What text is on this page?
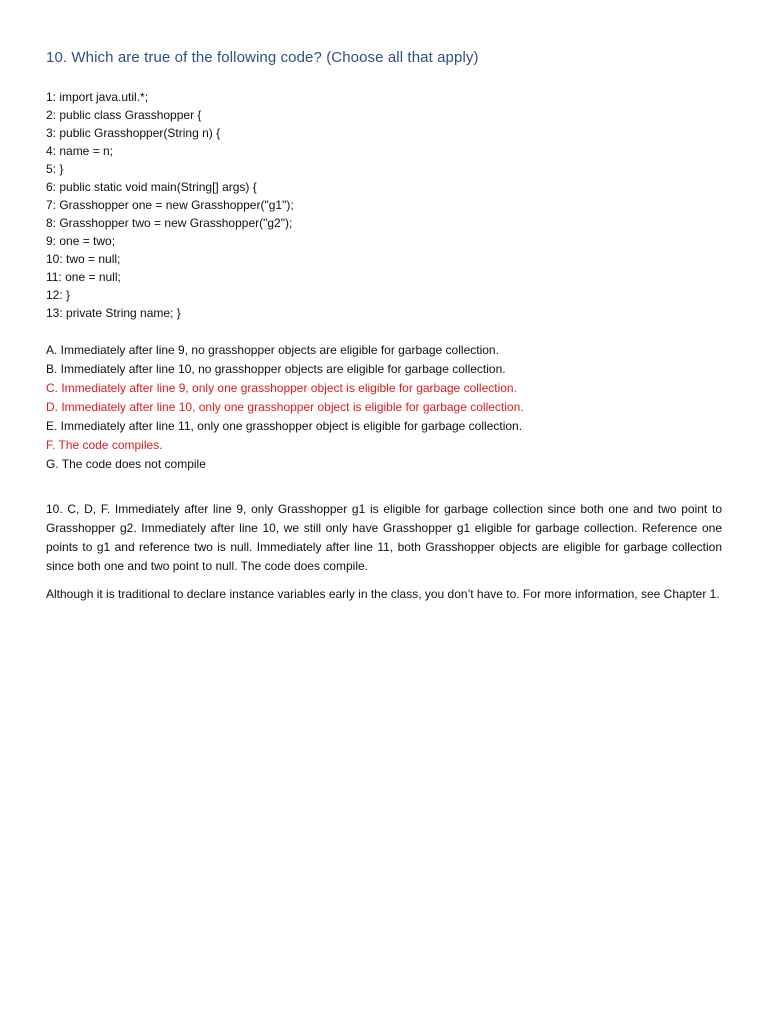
10. Which are true of the following code? (Choose all that apply)
1: import java.util.*;
2: public class Grasshopper {
3: public Grasshopper(String n) {
4: name = n;
5: }
6: public static void main(String[] args) {
7: Grasshopper one = new Grasshopper("g1");
8: Grasshopper two = new Grasshopper("g2");
9: one = two;
10: two = null;
11: one = null;
12: }
13: private String name; }
A. Immediately after line 9, no grasshopper objects are eligible for garbage collection.
B. Immediately after line 10, no grasshopper objects are eligible for garbage collection.
C. Immediately after line 9, only one grasshopper object is eligible for garbage collection.
D. Immediately after line 10, only one grasshopper object is eligible for garbage collection.
E. Immediately after line 11, only one grasshopper object is eligible for garbage collection.
F. The code compiles.
G. The code does not compile

10. C, D, F. Immediately after line 9, only Grasshopper g1 is eligible for garbage collection since both one and two point to Grasshopper g2. Immediately after line 10, we still only have Grasshopper g1 eligible for garbage collection. Reference one points to g1 and reference two is null. Immediately after line 11, both Grasshopper objects are eligible for garbage collection since both one and two point to null. The code does compile.

Although it is traditional to declare instance variables early in the class, you don’t have to. For more information, see Chapter 1.
